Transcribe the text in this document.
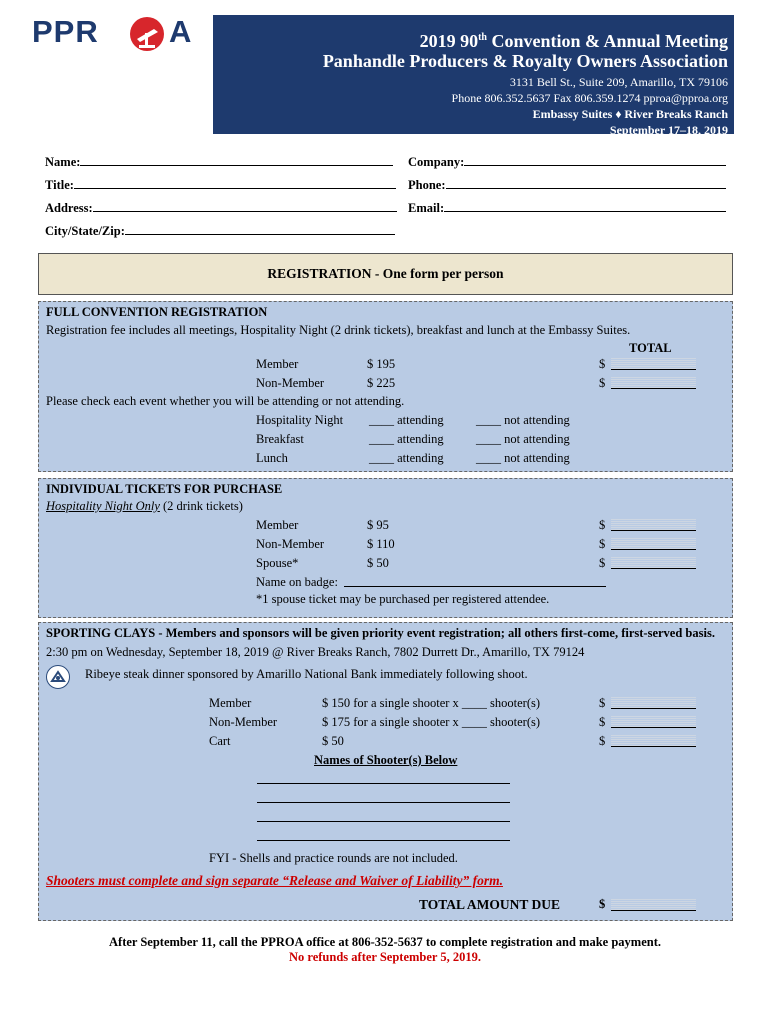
PPR A	2019 90th Convention & Annual Meeting
Panhandle Producers & Royalty Owners Association
3131 Bell St., Suite 209, Amarillo, TX 79106
Phone 806.352.5637 Fax 806.359.1274 pproa@pproa.org
Embassy Suites ♦ River Breaks Ranch
September 17–18, 2019
Name:	Company:
Title:	Phone:
Address:	Email:
City/State/Zip:
REGISTRATION - One form per person
FULL CONVENTION REGISTRATION
Registration fee includes all meetings, Hospitality Night (2 drink tickets), breakfast and lunch at the Embassy Suites.
TOTAL
Member	$ 195	$
Non-Member	$ 225	$
Please check each event whether you will be attending or not attending.
Hospitality Night ____ attending	____ not attending
Breakfast	____ attending	____ not attending
Lunch	____ attending	____ not attending
INDIVIDUAL TICKETS FOR PURCHASE
Hospitality Night Only (2 drink tickets)
Member	$ 95	$
Non-Member	$ 110	$
Spouse*	$ 50	$
Name on badge:
*1 spouse ticket may be purchased per registered attendee.
SPORTING CLAYS - Members and sponsors will be given priority event registration; all others first-come, first-served basis.
2:30 pm on Wednesday, September 18, 2019 @ River Breaks Ranch, 7802 Durrett Dr., Amarillo, TX 79124
Ribeye steak dinner sponsored by Amarillo National Bank immediately following shoot.
Member	$ 150 for a single shooter x ____ shooter(s)	$
Non-Member	$ 175 for a single shooter x ____ shooter(s)	$
Cart	$ 50	$
Names of Shooter(s) Below
FYI - Shells and practice rounds are not included.
Shooters must complete and sign separate “Release and Waiver of Liability” form.
TOTAL AMOUNT DUE	$
After September 11, call the PPROA office at 806-352-5637 to complete registration and make payment.
No refunds after September 5, 2019.
